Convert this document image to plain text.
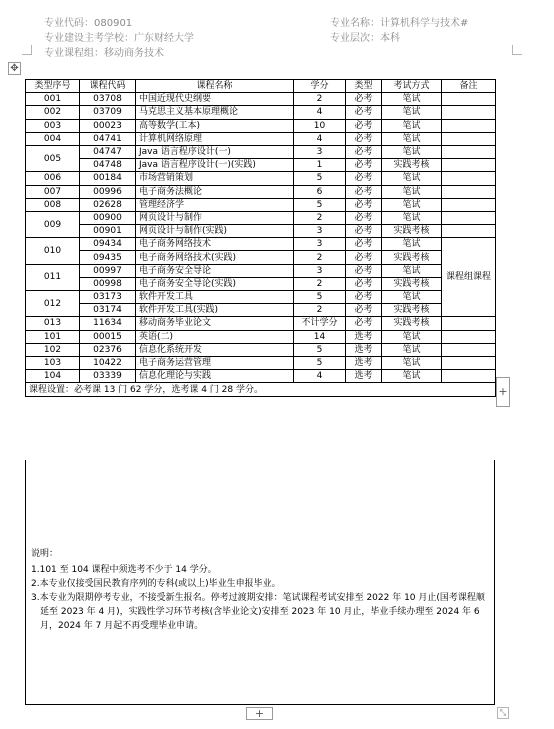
专业代码：080901
专业建设主考学校：广东财经大学
专业课程组：移动商务技术
专业名称：计算机科学与技术#
专业层次：本科
✥
类型序号	课程代码	课程名称	学分	类型	考试方式	备注
001	03708	中国近现代史纲要	2	必考	笔试	
002	03709	马克思主义基本原理概论	4	必考	笔试	
003	00023	高等数学(工本)	10	必考	笔试	
004	04741	计算机网络原理	4	必考	笔试	
005	04747	Java 语言程序设计(一)	3	必考	笔试	
	04748	Java 语言程序设计(一)(实践)	1	必考	实践考核	
006	00184	市场营销策划	5	必考	笔试	
007	00996	电子商务法概论	6	必考	笔试	
008	02628	管理经济学	5	必考	笔试	
009	00900	网页设计与制作	2	必考	笔试	
	00901	网页设计与制作(实践)	3	必考	实践考核	
010	09434	电子商务网络技术	3	必考	笔试	课程组课程
	09435	电子商务网络技术(实践)	2	必考	实践考核	
011	00997	电子商务安全导论	3	必考	笔试	
	00998	电子商务安全导论(实践)	2	必考	实践考核	
012	03173	软件开发工具	5	必考	笔试	
	03174	软件开发工具(实践)	2	必考	实践考核	
013	11634	移动商务毕业论文	不计学分	必考	实践考核	
101	00015	英语(二)	14	选考	笔试	
102	02376	信息化系统开发	5	选考	笔试	
103	10422	电子商务运营管理	5	选考	笔试	
104	03339	信息化理论与实践	4	选考	笔试	
课程设置：必考课 13 门 62 学分，选考课 4 门 28 学分。						
说明：
1.101 至 104 课程中须选考不少于 14 学分。
2.本专业仅接受国民教育序列的专科(或以上)毕业生申报毕业。
3.本专业为限期停考专业，不接受新生报名。停考过渡期安排：笔试课程考试安排至 2022 年 10 月止(国考课程顺延至 2023 年 4 月)，实践性学习环节考核(含毕业论文)安排至 2023 年 10 月止，毕业手续办理至 2024 年 6 月，2024 年 7 月起不再受理毕业申请。
+
+	⤡
